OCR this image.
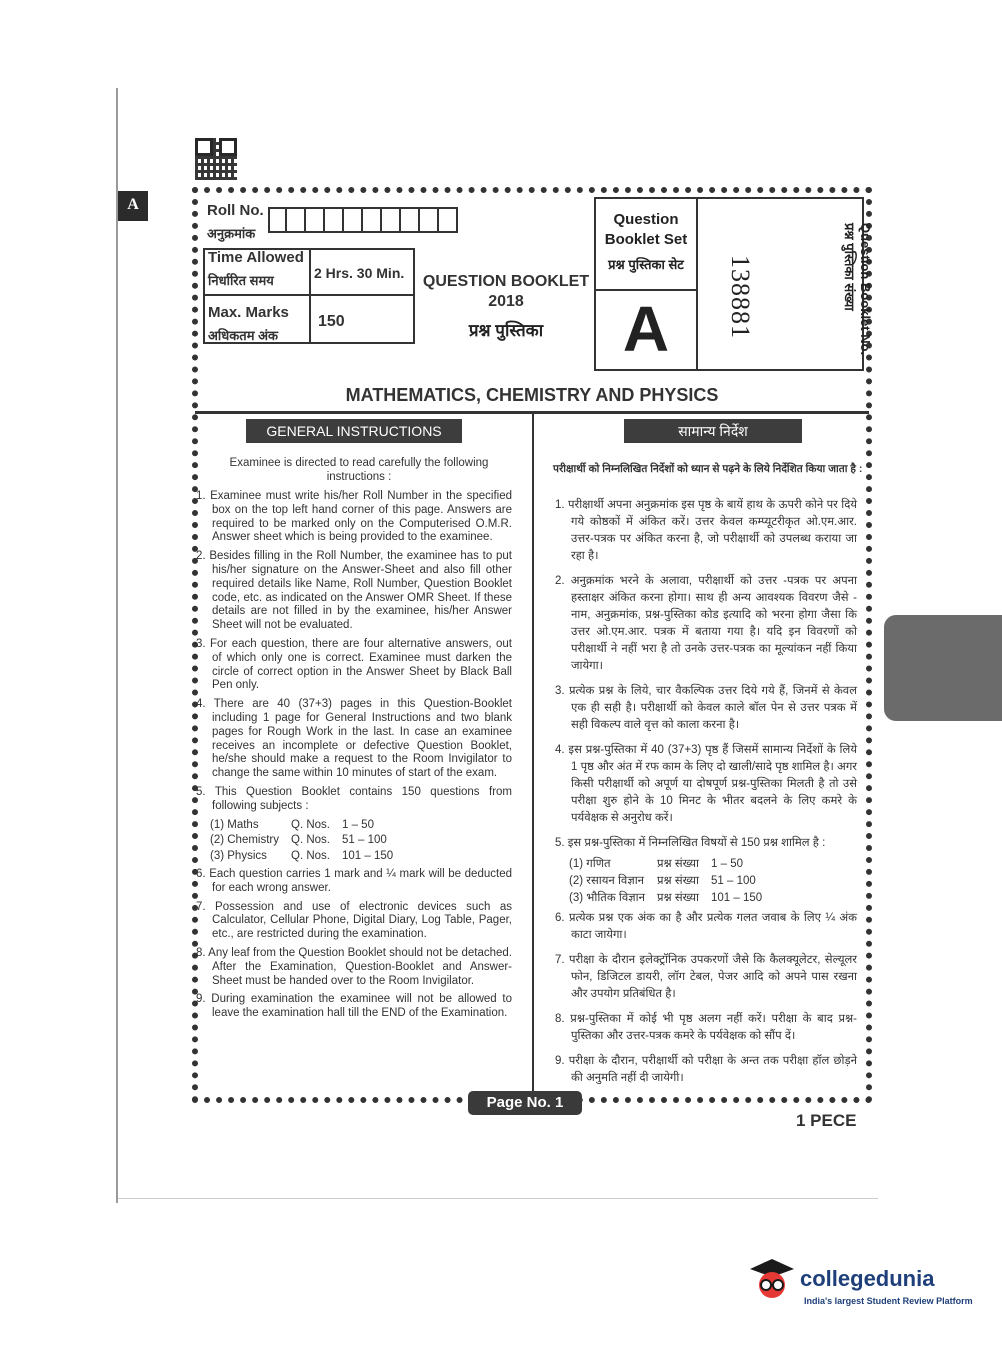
A	Roll No.
अनुक्रमांक
Time Allowed
निर्धारित समय	2 Hrs. 30 Min.
Max. Marks
अधिकतम अंक
150
QUESTION BOOKLET
2018
प्रश्न पुस्तिका
Question Booklet Set
प्रश्न पुस्तिका सेट
A	138881	Question Booklet No.
प्रश्न पुस्तिका संख्या
MATHEMATICS, CHEMISTRY AND PHYSICS
GENERAL INSTRUCTIONS	सामान्य निर्देश
Examinee is directed to read carefully the following instructions :
परीक्षार्थी को निम्नलिखित निर्देशों को ध्यान से पढ़ने के लिये निर्देशित किया जाता है :
1. Examinee must write his/her Roll Number in the specified box on the top left hand corner of this page. Answers are required to be marked only on the Computerised O.M.R. Answer sheet which is being provided to the examinee.
2. Besides filling in the Roll Number, the examinee has to put his/her signature on the Answer-Sheet and also fill other required details like Name, Roll Number, Question Booklet code, etc. as indicated on the Answer OMR Sheet. If these details are not filled in by the examinee, his/her Answer Sheet will not be evaluated.
3. For each question, there are four alternative answers, out of which only one is correct. Examinee must darken the circle of correct option in the Answer Sheet by Black Ball Pen only.
4. There are 40 (37+3) pages in this Question-Booklet including 1 page for General Instructions and two blank pages for Rough Work in the last. In case an examinee receives an incomplete or defective Question Booklet, he/she should make a request to the Room Invigilator to change the same within 10 minutes of start of the exam.
5. This Question Booklet contains 150 questions from following subjects :
(1) Maths	Q. Nos.	1 – 50
(2) Chemistry	Q. Nos.	51 – 100
(3) Physics	Q. Nos.	101 – 150
6. Each question carries 1 mark and ¼ mark will be deducted for each wrong answer.
7. Possession and use of electronic devices such as Calculator, Cellular Phone, Digital Diary, Log Table, Pager, etc., are restricted during the examination.
8. Any leaf from the Question Booklet should not be detached. After the Examination, Question-Booklet and Answer-Sheet must be handed over to the Room Invigilator.
9. During examination the examinee will not be allowed to leave the examination hall till the END of the Examination.
1. परीक्षार्थी अपना अनुक्रमांक इस पृष्ठ के बायें हाथ के ऊपरी कोने पर दिये गये कोष्ठकों में अंकित करें। उत्तर केवल कम्प्यूटरीकृत ओ.एम.आर. उत्तर-पत्रक पर अंकित करना है, जो परीक्षार्थी को उपलब्ध कराया जा रहा है।
2. अनुक्रमांक भरने के अलावा, परीक्षार्थी को उत्तर -पत्रक पर अपना हस्ताक्षर अंकित करना होगा। साथ ही अन्य आवश्यक विवरण जैसे - नाम, अनुक्रमांक, प्रश्न-पुस्तिका कोड इत्यादि को भरना होगा जैसा कि उत्तर ओ.एम.आर. पत्रक में बताया गया है। यदि इन विवरणों को परीक्षार्थी ने नहीं भरा है तो उनके उत्तर-पत्रक का मूल्यांकन नहीं किया जायेगा।
3. प्रत्येक प्रश्न के लिये, चार वैकल्पिक उत्तर दिये गये हैं, जिनमें से केवल एक ही सही है। परीक्षार्थी को केवल काले बॉल पेन से उत्तर पत्रक में सही विकल्प वाले वृत्त को काला करना है।
4. इस प्रश्न-पुस्तिका में 40 (37+3) पृष्ठ हैं जिसमें सामान्य निर्देशों के लिये 1 पृष्ठ और अंत में रफ काम के लिए दो खाली/सादे पृष्ठ शामिल है। अगर किसी परीक्षार्थी को अपूर्ण या दोषपूर्ण प्रश्न-पुस्तिका मिलती है तो उसे परीक्षा शुरु होने के 10 मिनट के भीतर बदलने के लिए कमरे के पर्यवेक्षक से अनुरोध करें।
5. इस प्रश्न-पुस्तिका में निम्नलिखित विषयों से 150 प्रश्न शामिल है :
(1) गणित	प्रश्न संख्या	1 – 50
(2) रसायन विज्ञान	प्रश्न संख्या	51 – 100
(3) भौतिक विज्ञान	प्रश्न संख्या	101 – 150
6. प्रत्येक प्रश्न एक अंक का है और प्रत्येक गलत जवाब के लिए ¼ अंक काटा जायेगा।
7. परीक्षा के दौरान इलेक्ट्रॉनिक उपकरणों जैसे कि कैलक्यूलेटर, सेल्यूलर फोन, डिजिटल डायरी, लॉग टेबल, पेजर आदि को अपने पास रखना और उपयोग प्रतिबंधित है।
8. प्रश्न-पुस्तिका में कोई भी पृष्ठ अलग नहीं करें। परीक्षा के बाद प्रश्न-पुस्तिका और उत्तर-पत्रक कमरे के पर्यवेक्षक को सौंप दें।
9. परीक्षा के दौरान, परीक्षार्थी को परीक्षा के अन्त तक परीक्षा हॉल छोड़ने की अनुमति नहीं दी जायेगी।
Page No. 1
1 PECE
collegedunia
India's largest Student Review Platform
